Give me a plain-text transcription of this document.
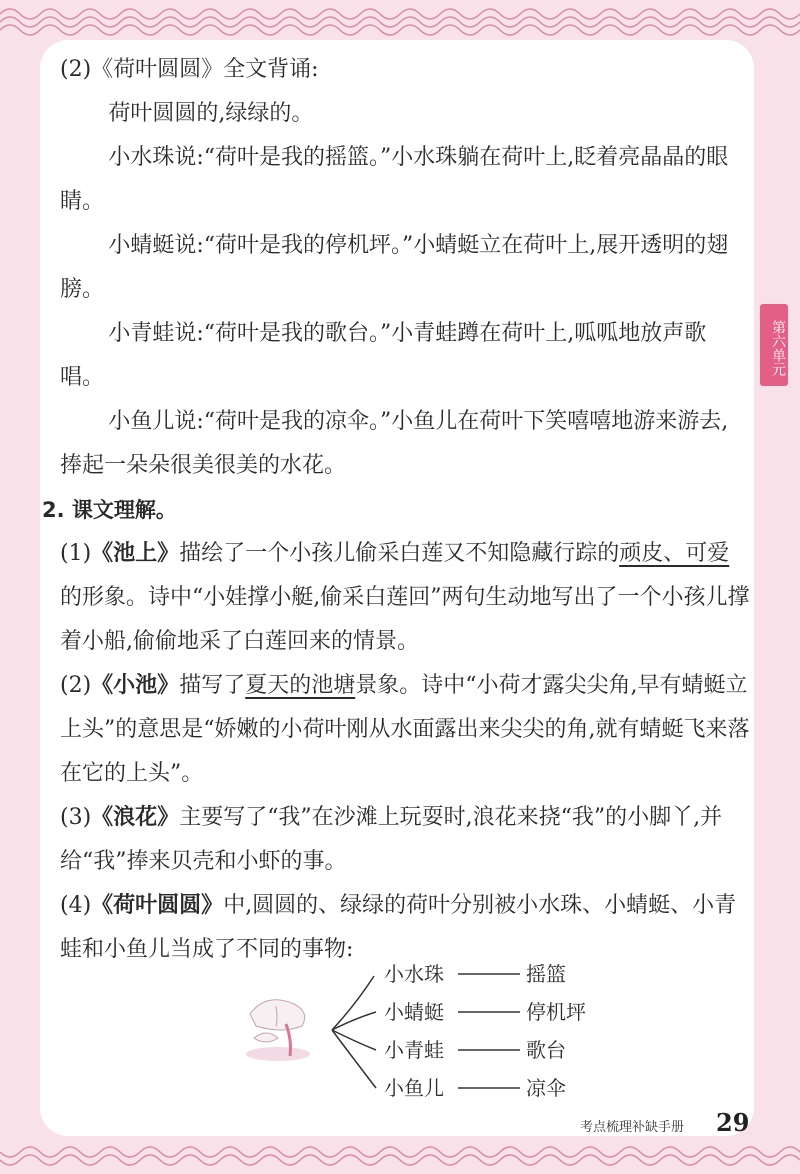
第六单元

(2)《荷叶圆圆》全文背诵:

荷叶圆圆的,绿绿的。

小水珠说:“荷叶是我的摇篮。”小水珠躺在荷叶上,眨着亮晶晶的眼睛。

小蜻蜓说:“荷叶是我的停机坪。”小蜻蜓立在荷叶上,展开透明的翅膀。

小青蛙说:“荷叶是我的歌台。”小青蛙蹲在荷叶上,呱呱地放声歌唱。

小鱼儿说:“荷叶是我的凉伞。”小鱼儿在荷叶下笑嘻嘻地游来游去,捧起一朵朵很美很美的水花。

2. 课文理解。

(1)《池上》描绘了一个小孩儿偷采白莲又不知隐藏行踪的顽皮、可爱的形象。诗中“小娃撑小艇,偷采白莲回”两句生动地写出了一个小孩儿撑着小船,偷偷地采了白莲回来的情景。

(2)《小池》描写了夏天的池塘景象。诗中“小荷才露尖尖角,早有蜻蜓立上头”的意思是“娇嫩的小荷叶刚从水面露出来尖尖的角,就有蜻蜓飞来落在它的上头”。

(3)《浪花》主要写了“我”在沙滩上玩耍时,浪花来挠“我”的小脚丫,并给“我”捧来贝壳和小虾的事。

(4)《荷叶圆圆》中,圆圆的、绿绿的荷叶分别被小水珠、小蜻蜓、小青蛙和小鱼儿当成了不同的事物:

小水珠	摇篮
小蜻蜓	停机坪
小青蛙	歌台
小鱼儿	凉伞
考点梳理补缺手册 29
